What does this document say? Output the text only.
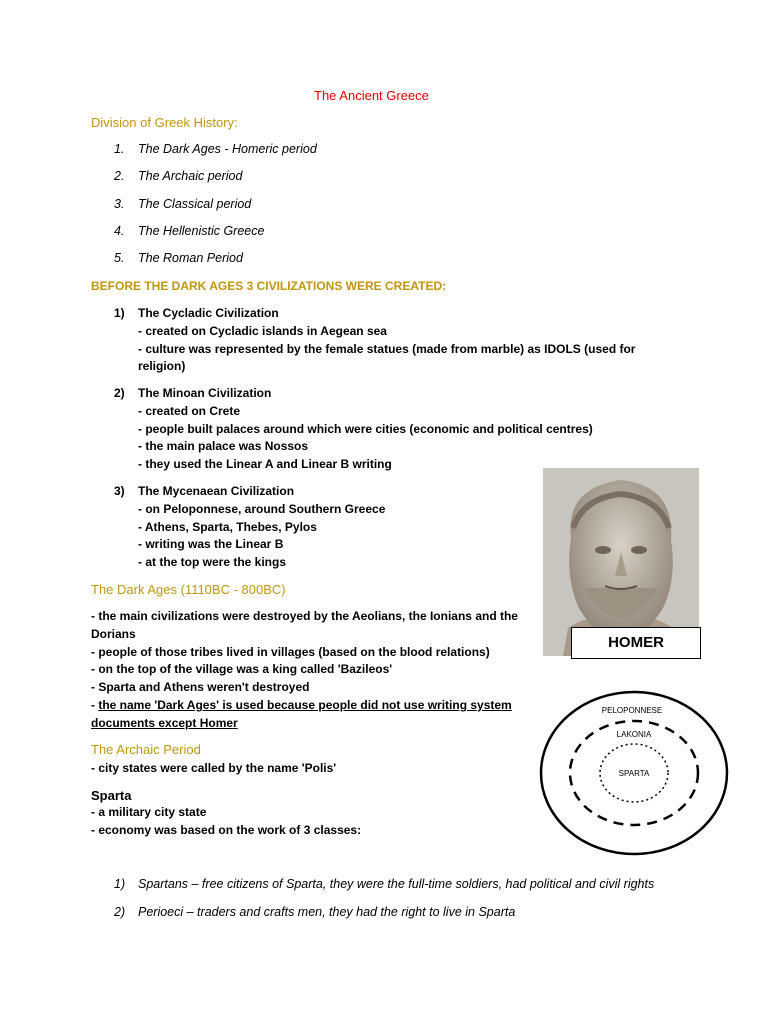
The Ancient Greece
Division of Greek History:
1. The Dark Ages - Homeric period
2. The Archaic period
3. The Classical period
4. The Hellenistic Greece
5. The Roman Period
BEFORE THE DARK AGES 3 CIVILIZATIONS WERE CREATED:
1) The Cycladic Civilization
- created on Cycladic islands in Aegean sea
- culture was represented by the female statues (made from marble) as IDOLS (used for
religion)
2) The Minoan Civilization
- created on Crete
- people built palaces around which were cities (economic and political centres)
- the main palace was Nossos
- they used the Linear A and Linear B writing
3) The Mycenaean Civilization
- on Peloponnese, around Southern Greece
- Athens, Sparta, Thebes, Pylos
- writing was the Linear B
- at the top were the kings
The Dark Ages (1110BC - 800BC)
- the main civilizations were destroyed by the Aeolians, the Ionians and the
Dorians
- people of those tribes lived in villages (based on the blood relations)
- on the top of the village was a king called 'Bazileos'
- Sparta and Athens weren't destroyed
- the name 'Dark Ages' is used because people did not use writing system
documents except Homer
The Archaic Period
- city states were called by the name 'Polis'
Sparta
- a military city state
- economy was based on the work of 3 classes:
1) Spartans – free citizens of Sparta, they were the full-time soldiers, had political and civil rights
2) Perioeci – traders and crafts men, they had the right to live in Sparta
HOMER
PELOPONNESE
LAKONIA
SPARTA
